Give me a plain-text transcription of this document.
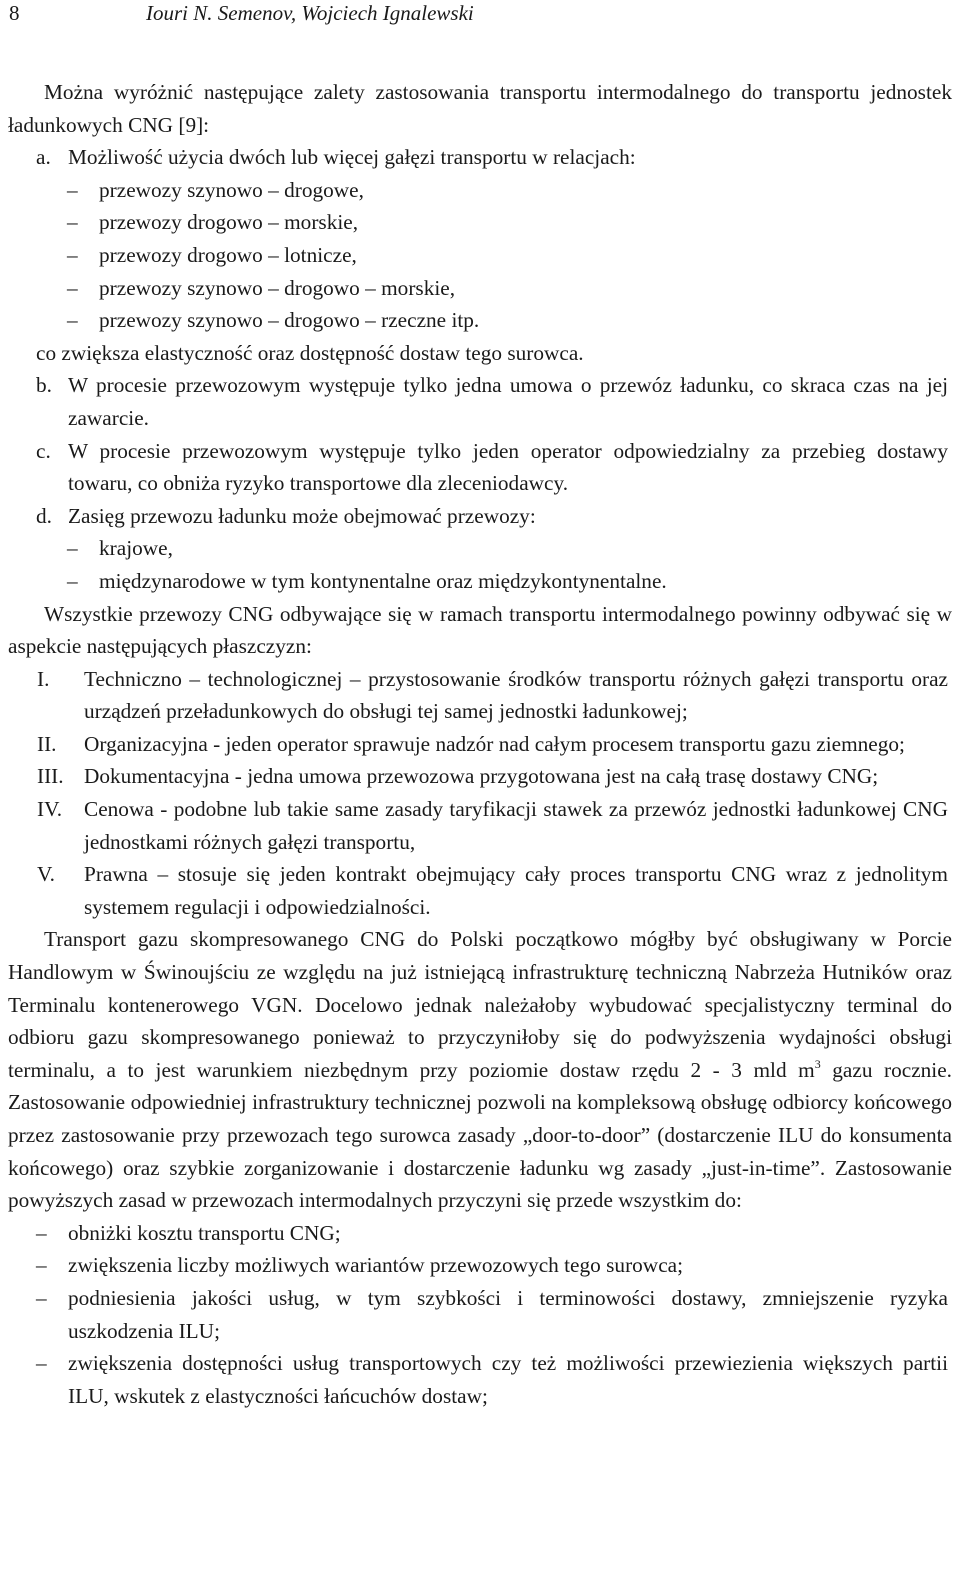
8	Iouri N. Semenov, Wojciech Ignalewski

Można wyróżnić następujące zalety zastosowania transportu intermodalnego do transportu jednostek ładunkowych CNG [9]:

a. Możliwość użycia dwóch lub więcej gałęzi transportu w relacjach:
– przewozy szynowo – drogowe,
– przewozy drogowo – morskie,
– przewozy drogowo – lotnicze,
– przewozy szynowo – drogowo – morskie,
– przewozy szynowo – drogowo – rzeczne itp.
co zwiększa elastyczność oraz dostępność dostaw tego surowca.
b. W procesie przewozowym występuje tylko jedna umowa o przewóz ładunku, co skraca czas na jej zawarcie.
c. W procesie przewozowym występuje tylko jeden operator odpowiedzialny za przebieg dostawy towaru, co obniża ryzyko transportowe dla zleceniodawcy.
d. Zasięg przewozu ładunku może obejmować przewozy:
– krajowe,
– międzynarodowe w tym kontynentalne oraz międzykontynentalne.

Wszystkie przewozy CNG odbywające się w ramach transportu intermodalnego powinny odbywać się w aspekcie następujących płaszczyzn:

I. Techniczno – technologicznej – przystosowanie środków transportu różnych gałęzi transportu oraz urządzeń przeładunkowych do obsługi tej samej jednostki ładunkowej;
II. Organizacyjna - jeden operator sprawuje nadzór nad całym procesem transportu gazu ziemnego;
III. Dokumentacyjna - jedna umowa przewozowa przygotowana jest na całą trasę dostawy CNG;
IV. Cenowa - podobne lub takie same zasady taryfikacji stawek za przewóz jednostki ładunkowej CNG jednostkami różnych gałęzi transportu,
V. Prawna – stosuje się jeden kontrakt obejmujący cały proces transportu CNG wraz z jednolitym systemem regulacji i odpowiedzialności.

Transport gazu skompresowanego CNG do Polski początkowo mógłby być obsługiwany w Porcie Handlowym w Świnoujściu ze względu na już istniejącą infrastrukturę techniczną Nabrzeża Hutników oraz Terminalu kontenerowego VGN. Docelowo jednak należałoby wybudować specjalistyczny terminal do odbioru gazu skompresowanego ponieważ to przyczyniłoby się do podwyższenia wydajności obsługi terminalu, a to jest warunkiem niezbędnym przy poziomie dostaw rzędu 2 - 3 mld $m^3$ gazu rocznie. Zastosowanie odpowiedniej infrastruktury technicznej pozwoli na kompleksową obsługę odbiorcy końcowego przez zastosowanie przy przewozach tego surowca zasady „door-to-door” (dostarczenie ILU do konsumenta końcowego) oraz szybkie zorganizowanie i dostarczenie ładunku wg zasady „just-in-time”. Zastosowanie powyższych zasad w przewozach intermodalnych przyczyni się przede wszystkim do:

– obniżki kosztu transportu CNG;
– zwiększenia liczby możliwych wariantów przewozowych tego surowca;
– podniesienia jakości usług, w tym szybkości i terminowości dostawy, zmniejszenie ryzyka uszkodzenia ILU;
– zwiększenia dostępności usług transportowych czy też możliwości przewiezienia większych partii ILU, wskutek z elastyczności łańcuchów dostaw;
